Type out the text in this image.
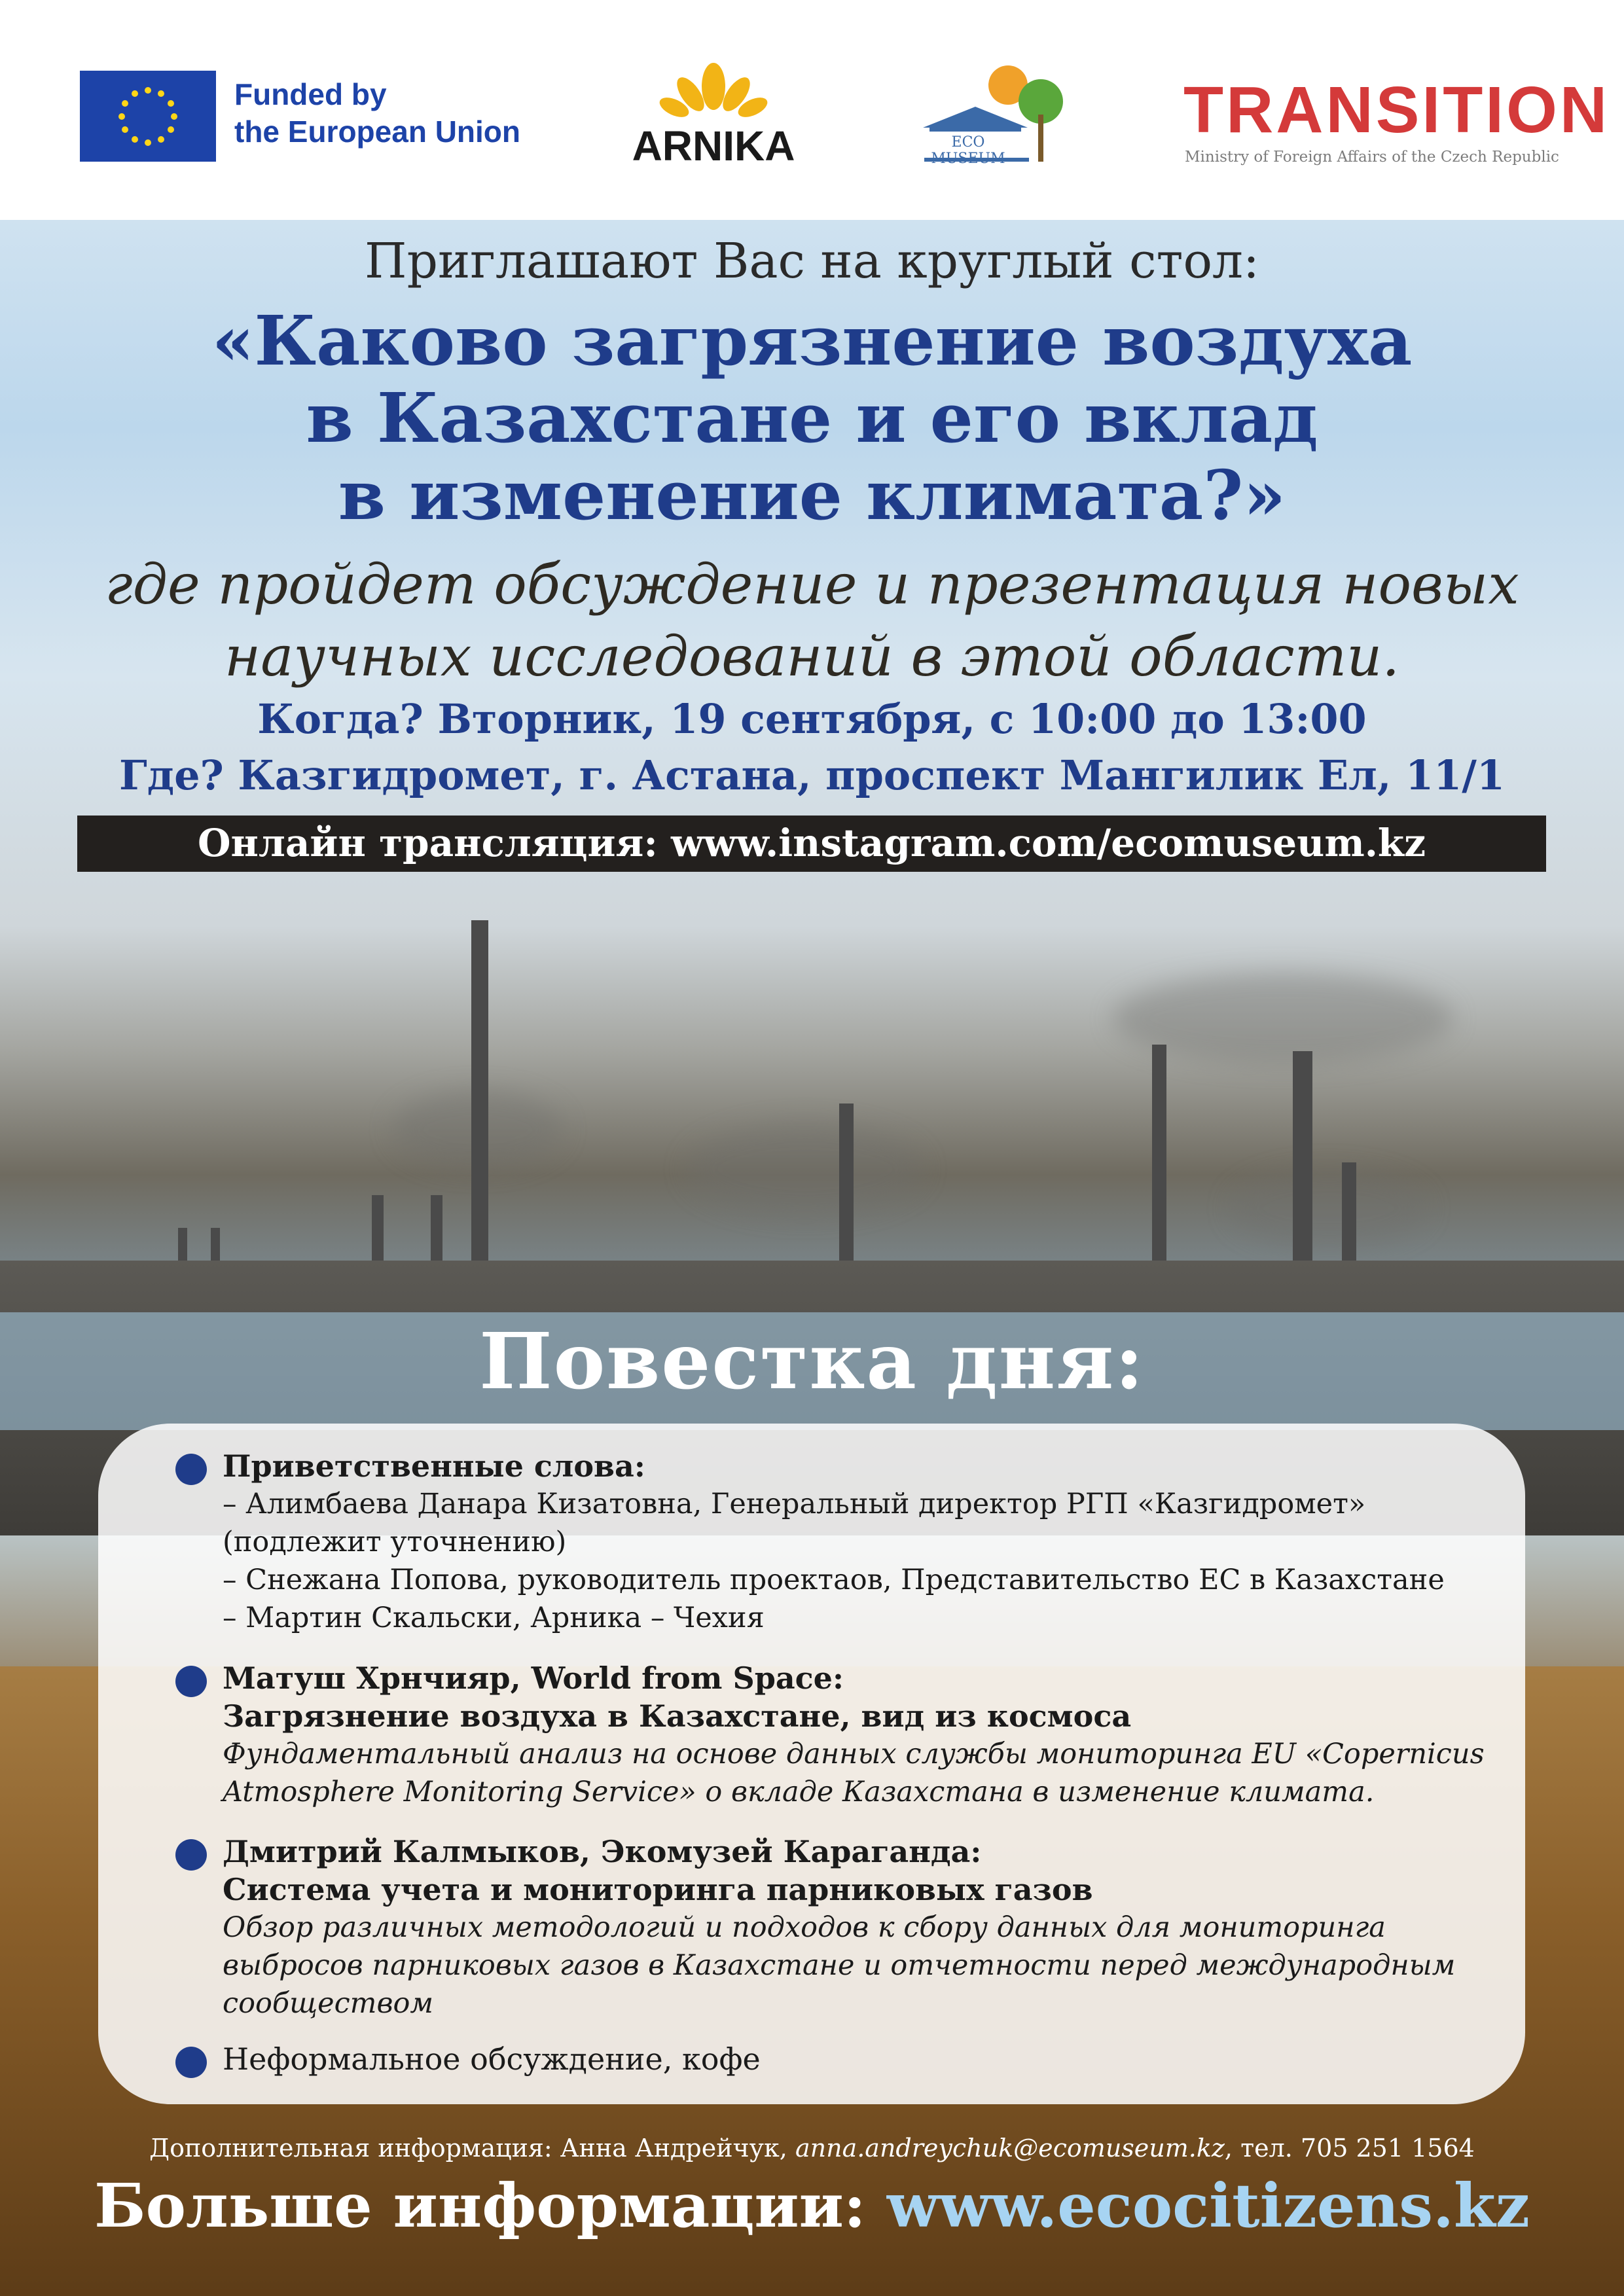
Funded by
the European Union	ARNIKA	ECO MUSEUM
TRANSITION
Ministry of Foreign Affairs of the Czech Republic
Приглашают Вас на круглый стол:
«Каково загрязнение воздуха
в Казахстане и его вклад
в изменение климата?»
где пройдет обсуждение и презентация новых
научных исследований в этой области.
Когда? Вторник, 19 сентября, с 10:00 до 13:00
Где? Казгидромет, г. Астана, проспект Мангилик Ел, 11/1
Онлайн трансляция: www.instagram.com/ecomuseum.kz
Повестка дня:
Приветственные слова:
– Алимбаева Данара Кизатовна, Генеральный директор РГП «Казгидромет»
(подлежит уточнению)
– Снежана Попова, руководитель проектаов, Представительство ЕС в Казахстане
– Мартин Скальски, Арника – Чехия
Матуш Хрнчияр, World from Space:
Загрязнение воздуха в Казахстане, вид из космоса
Фундаментальный анализ на основе данных службы мониторинга EU «Copernicus
Atmosphere Monitoring Service» о вкладе Казахстана в изменение климата.
Дмитрий Калмыков, Экомузей Караганда:
Система учета и мониторинга парниковых газов
Обзор различных методологий и подходов к сбору данных для мониторинга
выбросов парниковых газов в Казахстане и отчетности перед международным
сообществом
Неформальное обсуждение, кофе
Дополнительная информация: Анна Андрейчук, anna.andreychuk@ecomuseum.kz, тел. 705 251 1564
Больше информации: www.ecocitizens.kz
